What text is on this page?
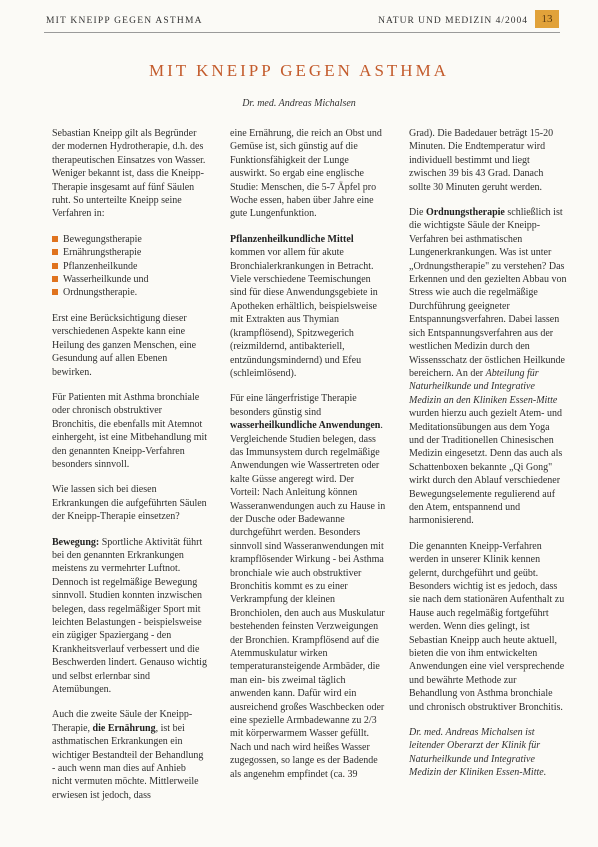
MIT KNEIPP GEGEN ASTHMA	NATUR UND MEDIZIN 4/2004	13
MIT KNEIPP GEGEN ASTHMA
Dr. med. Andreas Michalsen

Sebastian Kneipp gilt als Begründer der modernen Hydrotherapie, d.h. des therapeutischen Einsatzes von Wasser. Weniger bekannt ist, dass die Kneipp-Therapie insgesamt auf fünf Säulen ruht. So unterteilte Kneipp seine Verfahren in:

Bewegungstherapie
Ernährungstherapie
Pflanzenheilkunde
Wasserheilkunde und
Ordnungstherapie.

Erst eine Berücksichtigung dieser verschiedenen Aspekte kann eine Heilung des ganzen Menschen, eine Gesundung auf allen Ebenen bewirken.

Für Patienten mit Asthma bronchiale oder chronisch obstruktiver Bronchitis, die ebenfalls mit Atemnot einhergeht, ist eine Mitbehandlung mit den genannten Kneipp-Verfahren besonders sinnvoll.

Wie lassen sich bei diesen Erkrankungen die aufgeführten Säulen der Kneipp-Therapie einsetzen?

Bewegung: Sportliche Aktivität führt bei den genannten Erkrankungen meistens zu vermehrter Luftnot. Dennoch ist regelmäßige Bewegung sinnvoll. Studien konnten inzwischen belegen, dass regelmäßiger Sport mit leichten Belastungen - beispielsweise ein zügiger Spaziergang - den Krankheitsverlauf verbessert und die Beschwerden lindert. Genauso wichtig und selbst erlernbar sind Atemübungen.

Auch die zweite Säule der Kneipp-Therapie, die Ernährung, ist bei asthmatischen Erkrankungen ein wichtiger Bestandteil der Behandlung - auch wenn man dies auf Anhieb nicht vermuten möchte. Mittlerweile erwiesen ist jedoch, dass

eine Ernährung, die reich an Obst und Gemüse ist, sich günstig auf die Funktionsfähigkeit der Lunge auswirkt. So ergab eine englische Studie: Menschen, die 5-7 Äpfel pro Woche essen, haben über Jahre eine gute Lungenfunktion.

Pflanzenheilkundliche Mittel kommen vor allem für akute Bronchialerkrankungen in Betracht. Viele verschiedene Teemischungen sind für diese Anwendungsgebiete in Apotheken erhältlich, beispielsweise mit Extrakten aus Thymian (krampflösend), Spitzwegerich (reizmildernd, antibakteriell, entzündungsmindernd) und Efeu (schleimlösend).

Für eine längerfristige Therapie besonders günstig sind wasserheilkundliche Anwendungen. Vergleichende Studien belegen, dass das Immunsystem durch regelmäßige Anwendungen wie Wassertreten oder kalte Güsse angeregt wird. Der Vorteil: Nach Anleitung können Wasseranwendungen auch zu Hause in der Dusche oder Badewanne durchgeführt werden. Besonders sinnvoll sind Wasseranwendungen mit krampflösender Wirkung - bei Asthma bronchiale wie auch obstruktiver Bronchitis kommt es zu einer Verkrampfung der kleinen Bronchiolen, den auch aus Muskulatur bestehenden feinsten Verzweigungen der Bronchien. Krampflösend auf die Atemmuskulatur wirken temperaturansteigende Armbäder, die man ein- bis zweimal täglich anwenden kann. Dafür wird ein ausreichend großes Waschbecken oder eine spezielle Armbadewanne zu 2/3 mit körperwarmem Wasser gefüllt. Nach und nach wird heißes Wasser zugegossen, so lange es der Badende als angenehm empfindet (ca. 39

Grad). Die Badedauer beträgt 15-20 Minuten. Die Endtemperatur wird individuell bestimmt und liegt zwischen 39 bis 43 Grad. Danach sollte 30 Minuten geruht werden.

Die Ordnungstherapie schließlich ist die wichtigste Säule der Kneipp-Verfahren bei asthmatischen Lungenerkrankungen. Was ist unter „Ordnungstherapie" zu verstehen? Das Erkennen und den gezielten Abbau von Stress wie auch die regelmäßige Durchführung geeigneter Entspannungsverfahren. Dabei lassen sich Entspannungsverfahren aus der westlichen Medizin durch den Wissensschatz der östlichen Heilkunde bereichern. An der Abteilung für Naturheilkunde und Integrative Medizin an den Kliniken Essen-Mitte wurden hierzu auch gezielt Atem- und Meditationsübungen aus dem Yoga und der Traditionellen Chinesischen Medizin eingesetzt. Denn das auch als Schattenboxen bekannte „Qi Gong" wirkt durch den Ablauf verschiedener Bewegungselemente regulierend auf den Atem, entspannend und harmonisierend.

Die genannten Kneipp-Verfahren werden in unserer Klinik kennen gelernt, durchgeführt und geübt. Besonders wichtig ist es jedoch, dass sie nach dem stationären Aufenthalt zu Hause auch regelmäßig fortgeführt werden. Wenn dies gelingt, ist Sebastian Kneipp auch heute aktuell, bieten die von ihm entwickelten Anwendungen eine viel versprechende und bewährte Methode zur Behandlung von Asthma bronchiale und chronisch obstruktiver Bronchitis.

Dr. med. Andreas Michalsen ist leitender Oberarzt der Klinik für Naturheilkunde und Integrative Medizin der Kliniken Essen-Mitte.
